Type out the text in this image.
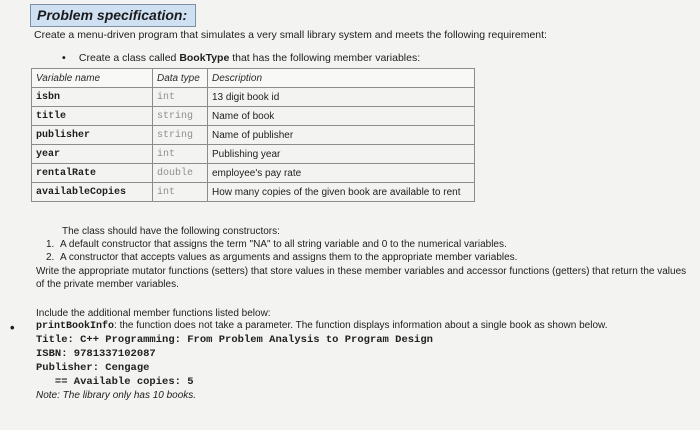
Problem specification:
Create a menu-driven program that simulates a very small library system and meets the following requirement:
• Create a class called BookType that has the following member variables:
Variable name	Data type	Description
isbn	int	13 digit book id
title	string	Name of book
publisher	string	Name of publisher
year	int	Publishing year
rentalRate	double	employee's pay rate
availableCopies	int	How many copies of the given book are available to rent
The class should have the following constructors:
1. A default constructor that assigns the term "NA" to all string variable and 0 to the numerical variables.
2. A constructor that accepts values as arguments and assigns them to the appropriate member variables.
Write the appropriate mutator functions (setters) that store values in these member variables and accessor functions (getters) that return the values of the private member variables.
Include the additional member functions listed below:
• printBookInfo: the function does not take a parameter. The function displays information about a single book as shown below.
Title: C++ Programming: From Problem Analysis to Program Design
ISBN: 9781337102087
Publisher: Cengage
== Available copies: 5
Note: The library only has 10 books.
